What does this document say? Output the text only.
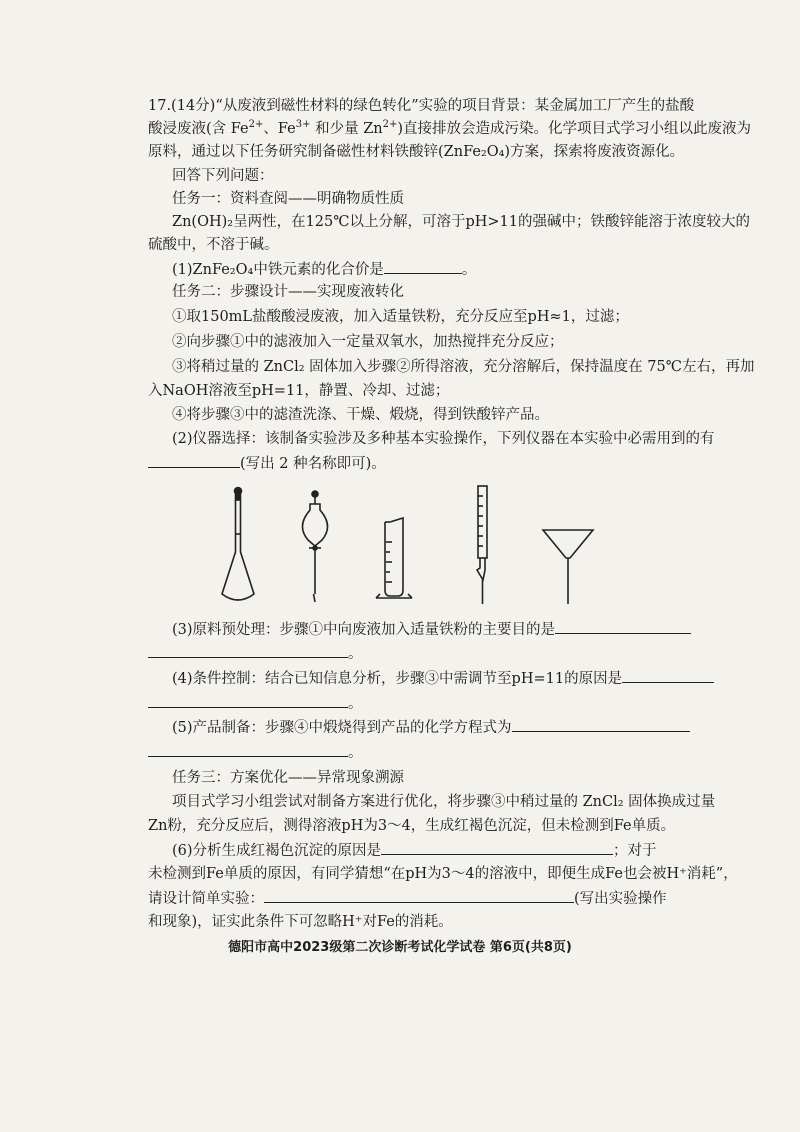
17.(14分)“从废液到磁性材料的绿色转化”实验的项目背景：某金属加工厂产生的盐酸
酸浸废液(含 $Fe^{2+}$、$Fe^{3+}$ 和少量 $Zn^{2+}$)直接排放会造成污染。化学项目式学习小组以此废液为
原料，通过以下任务研究制备磁性材料铁酸锌(ZnFe₂O₄)方案，探索将废液资源化。
回答下列问题：
任务一：资料查阅——明确物质性质
Zn(OH)₂呈两性，在125℃以上分解，可溶于pH>11的强碱中；铁酸锌能溶于浓度较大的
硫酸中，不溶于碱。
(1)ZnFe₂O₄中铁元素的化合价是	。
任务二：步骤设计——实现废液转化
①取150mL盐酸酸浸废液，加入适量铁粉，充分反应至pH≈1，过滤；
②向步骤①中的滤液加入一定量双氧水，加热搅拌充分反应；
③将稍过量的 ZnCl₂ 固体加入步骤②所得溶液，充分溶解后，保持温度在 75℃左右，再加
入NaOH溶液至pH=11，静置、冷却、过滤；
④将步骤③中的滤渣洗涤、干燥、煅烧，得到铁酸锌产品。
(2)仪器选择：该制备实验涉及多种基本实验操作，下列仪器在本实验中必需用到的有
(写出 2 种名称即可)。
(3)原料预处理：步骤①中向废液加入适量铁粉的主要目的是
。
(4)条件控制：结合已知信息分析，步骤③中需调节至pH=11的原因是
。
(5)产品制备：步骤④中煅烧得到产品的化学方程式为
。
任务三：方案优化——异常现象溯源
项目式学习小组尝试对制备方案进行优化，将步骤③中稍过量的 ZnCl₂ 固体换成过量
Zn粉，充分反应后，测得溶液pH为3～4，生成红褐色沉淀，但未检测到Fe单质。
(6)分析生成红褐色沉淀的原因是	；对于
未检测到Fe单质的原因，有同学猜想“在pH为3～4的溶液中，即便生成Fe也会被H⁺消耗”，
请设计简单实验：	(写出实验操作
和现象)，证实此条件下可忽略H⁺对Fe的消耗。
德阳市高中2023级第二次诊断考试化学试卷 第6页(共8页)
